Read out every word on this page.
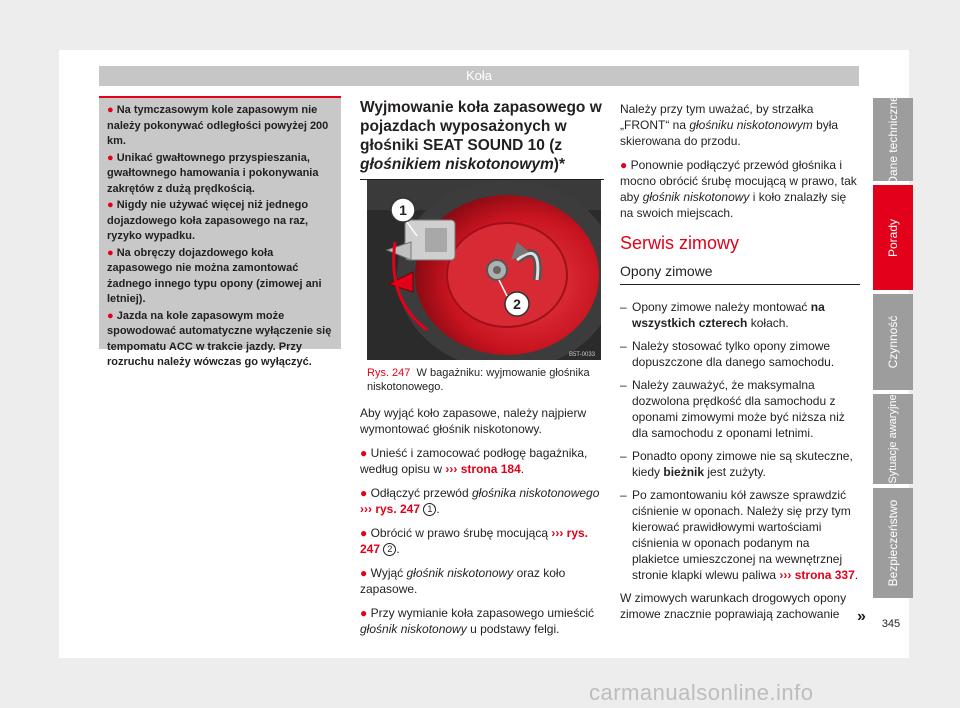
Koła
Dane techniczne
Porady
Czynność
Sytuacje awaryjne
Bezpieczeństwo
345
● Na tymczasowym kole zapasowym nie należy pokonywać odległości powyżej 200 km.
● Unikać gwałtownego przyspieszania, gwałtownego hamowania i pokonywania zakrętów z dużą prędkością.
● Nigdy nie używać więcej niż jednego dojazdowego koła zapasowego na raz, ryzyko wypadku.
● Na obręczy dojazdowego koła zapasowego nie można zamontować żadnego innego typu opony (zimowej ani letniej).
● Jazda na kole zapasowym może spowodować automatyczne wyłączenie się tempomatu ACC w trakcie jazdy. Przy rozruchu należy wówczas go wyłączyć.
Wyjmowanie koła zapasowego w pojazdach wyposażonych w głośniki SEAT SOUND 10 (z głośnikiem niskotonowym)*
1
2
B5T-0033
Rys. 247 W bagażniku: wyjmowanie głośnika niskotonowego.

Aby wyjąć koło zapasowe, należy najpierw wymontować głośnik niskotonowy.

● Unieść i zamocować podłogę bagażnika, według opisu w ››› strona 184.

● Odłączyć przewód głośnika niskotonowego ››› rys. 247 1 .

● Obrócić w prawo śrubę mocującą ››› rys. 247 2 .

● Wyjąć głośnik niskotonowy oraz koło zapasowe.

● Przy wymianie koła zapasowego umieścić głośnik niskotonowy u podstawy felgi.

Należy przy tym uważać, by strzałka „FRONT“ na głośniku niskotonowym była skierowana do przodu.

● Ponownie podłączyć przewód głośnika i mocno obrócić śrubę mocującą w prawo, tak aby głośnik niskotonowy i koło znalazły się na swoich miejscach.

Serwis zimowy
Opony zimowe
– Opony zimowe należy montować na wszystkich czterech kołach.
– Należy stosować tylko opony zimowe dopuszczone dla danego samochodu.
– Należy zauważyć, że maksymalna dozwolona prędkość dla samochodu z oponami zimowymi może być niższa niż dla samochodu z oponami letnimi.
– Ponadto opony zimowe nie są skuteczne, kiedy bieżnik jest zużyty.
– Po zamontowaniu kół zawsze sprawdzić ciśnienie w oponach. Należy się przy tym kierować prawidłowymi wartościami ciśnienia w oponach podanym na plakietce umieszczonej na wewnętrznej stronie klapki wlewu paliwa ››› strona 337.

W zimowych warunkach drogowych opony zimowe znacznie poprawiają zachowanie	»
carmanualsonline.info
